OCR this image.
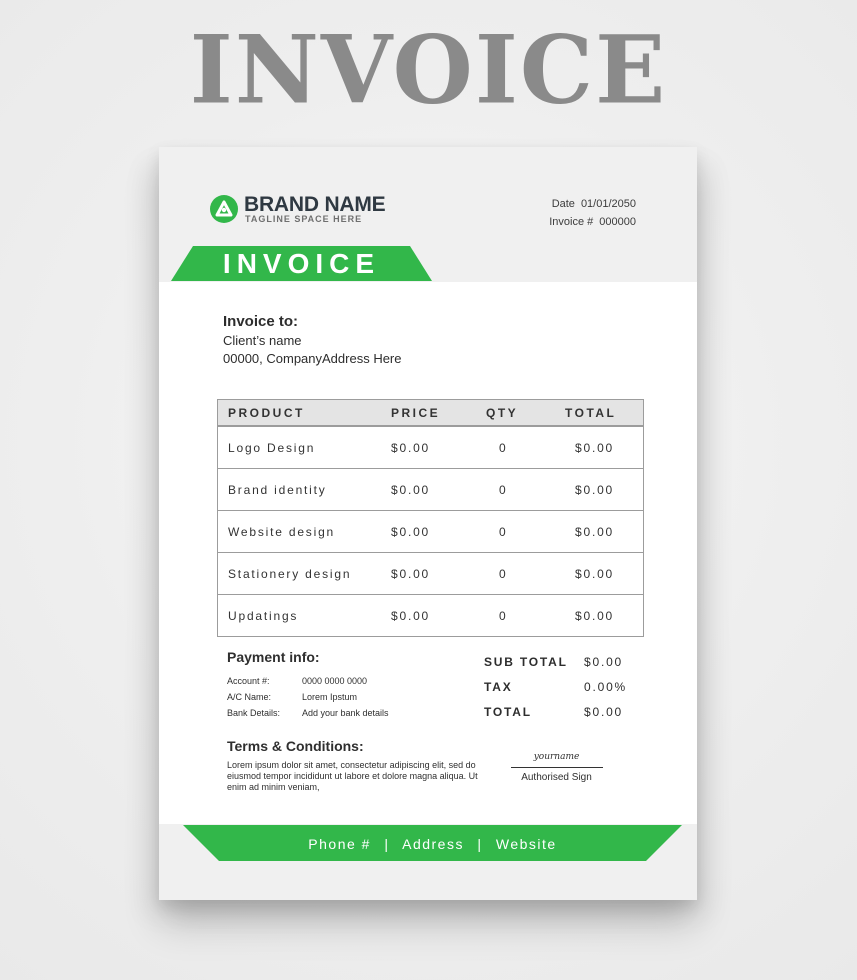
INVOICE
BRAND NAME
TAGLINE SPACE HERE
Date 01/01/2050
Invoice # 000000
INVOICE
Invoice to:
Client’s name
00000, CompanyAddress Here
PRODUCT	PRICE	QTY	TOTAL
Logo Design	$0.00	0	$0.00
Brand identity	$0.00	0	$0.00
Website design	$0.00	0	$0.00
Stationery design	$0.00	0	$0.00
Updatings	$0.00	0	$0.00
Payment info:
Account #:	0000 0000 0000
A/C Name:	Lorem Ipstum
Bank Details:	Add your bank details
SUB TOTAL	$0.00
TAX	0.00%
TOTAL	$0.00
Terms & Conditions:
Lorem ipsum dolor sit amet, consectetur adipiscing elit, sed do eiusmod tempor incididunt ut labore et dolore magna aliqua. Ut enim ad minim veniam,
yourname
Authorised Sign
Phone # | Address | Website
